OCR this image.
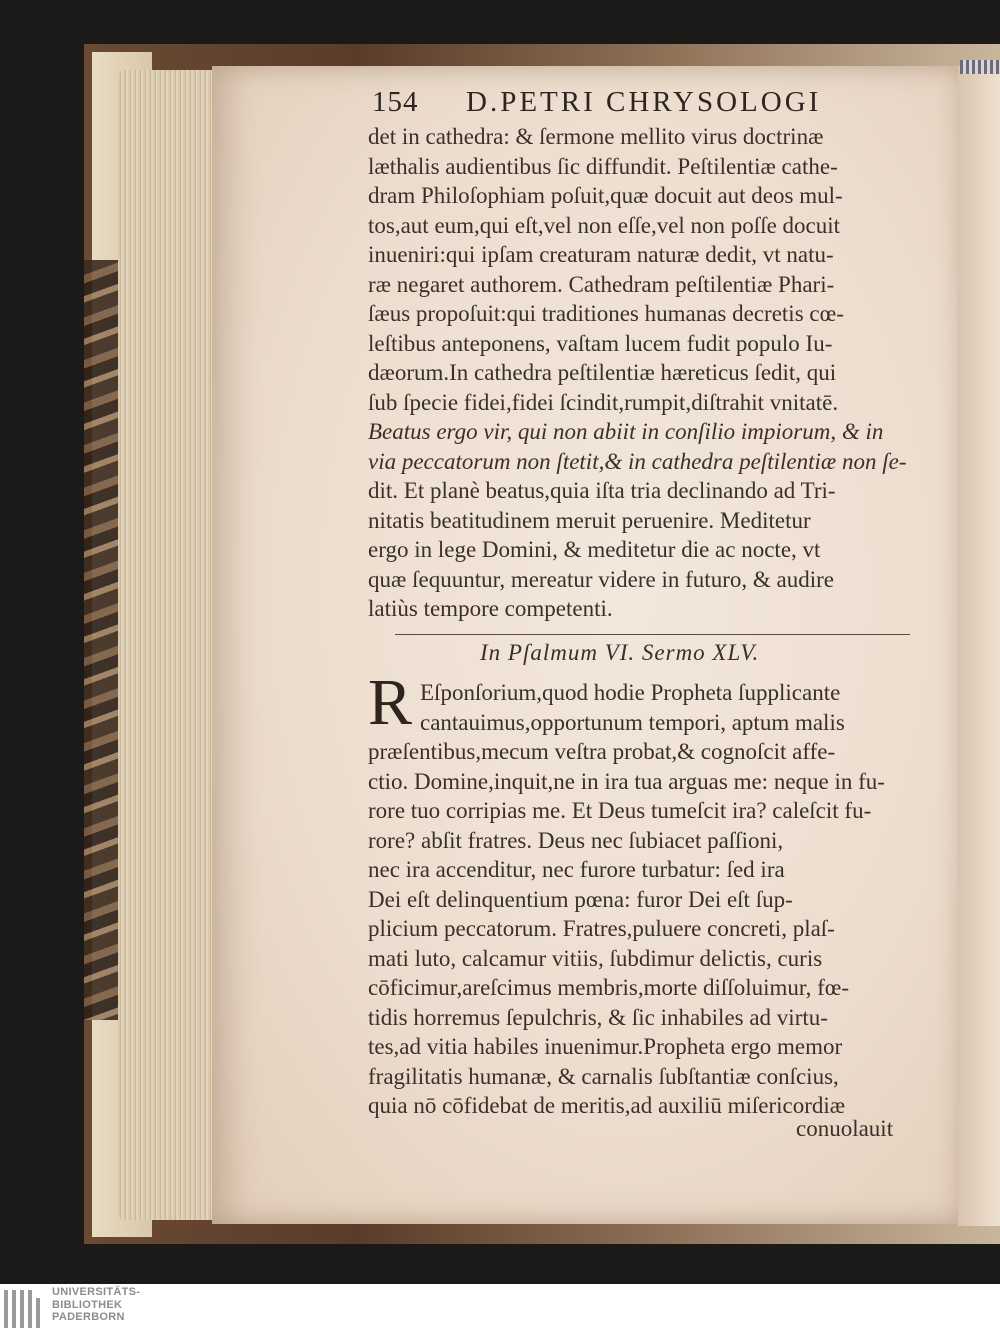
154 D.PETRI CHRYSOLOGI
det in cathedra: & ſermone mellito virus doctrinæ
læthalis audientibus ſic diffundit. Peſtilentiæ cathe-
dram Philoſophiam poſuit,quæ docuit aut deos mul-
tos,aut eum,qui eſt,vel non eſſe,vel non poſſe docuit
inueniri:qui ipſam creaturam naturæ dedit, vt natu-
ræ negaret authorem. Cathedram peſtilentiæ Phari-
ſæus propoſuit:qui traditiones humanas decretis cœ-
leſtibus anteponens, vaſtam lucem fudit populo Iu-
dæorum.In cathedra peſtilentiæ hæreticus ſedit, qui
ſub ſpecie fidei,fidei ſcindit,rumpit,diſtrahit vnitatē.
Beatus ergo vir, qui non abiit in conſilio impiorum, & in
via peccatorum non ſtetit,& in cathedra peſtilentiæ non ſe-
dit. Et planè beatus,quia iſta tria declinando ad Tri-
nitatis beatitudinem meruit peruenire. Meditetur
ergo in lege Domini, & meditetur die ac nocte, vt
quæ ſequuntur, mereatur videre in futuro, & audire
latiùs tempore competenti.
In Pſalmum VI. Sermo XLV.
R Eſponſorium,quod hodie Propheta ſupplicante
cantauimus,opportunum tempori, aptum malis
præſentibus,mecum veſtra probat,& cognoſcit affe-
ctio. Domine,inquit,ne in ira tua arguas me: neque in fu-
rore tuo corripias me. Et Deus tumeſcit ira? caleſcit fu-
rore? abſit fratres. Deus nec ſubiacet paſſioni,
nec ira accenditur, nec furore turbatur: ſed ira
Dei eſt delinquentium pœna: furor Dei eſt ſup-
plicium peccatorum. Fratres,puluere concreti, plaſ-
mati luto, calcamur vitiis, ſubdimur delictis, curis
cōficimur,areſcimus membris,morte diſſoluimur, fœ-
tidis horremus ſepulchris, & ſic inhabiles ad virtu-
tes,ad vitia habiles inuenimur.Propheta ergo memor
fragilitatis humanæ, & carnalis ſubſtantiæ conſcius,
quia nō cōfidebat de meritis,ad auxiliū miſericordiæ
conuolauit
UNIVERSITÄTS-
BIBLIOTHEK
PADERBORN
